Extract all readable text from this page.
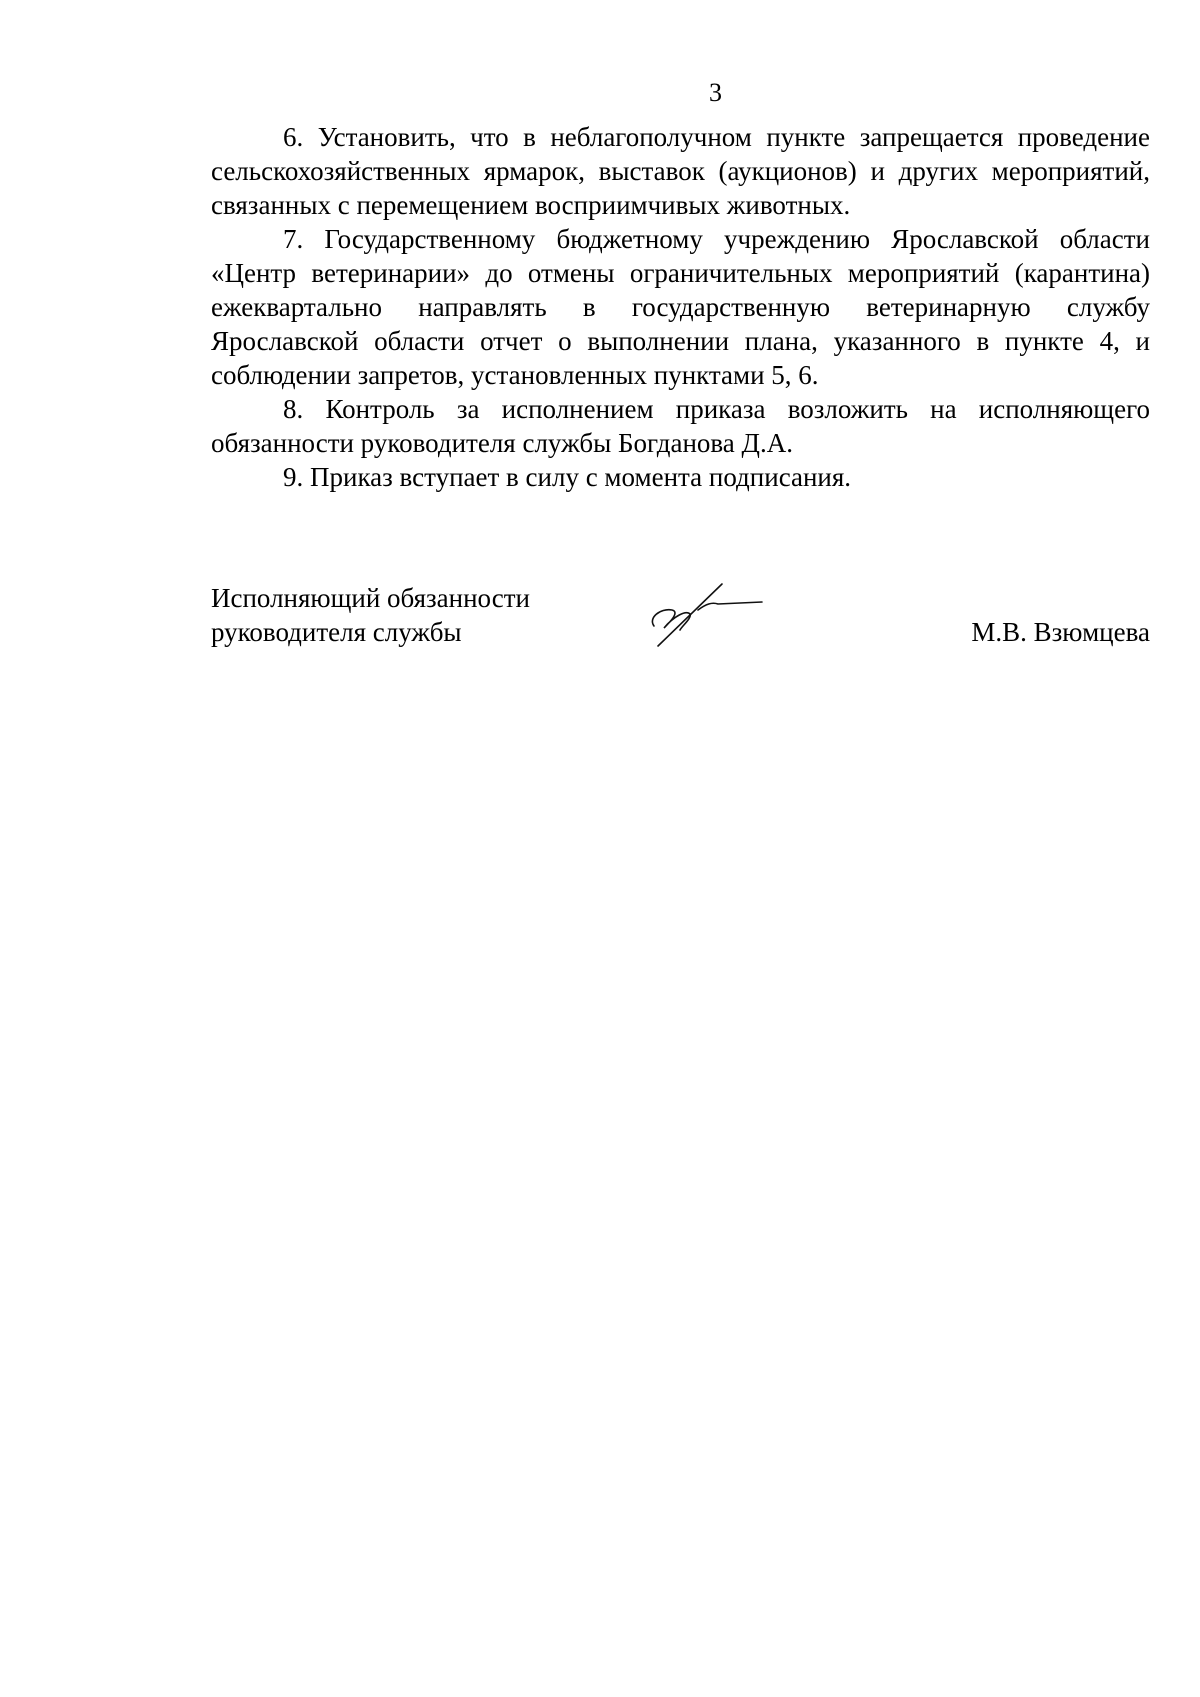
3

6. Установить, что в неблагополучном пункте запрещается проведение сельскохозяйственных ярмарок, выставок (аукционов) и других мероприятий, связанных с перемещением восприимчивых животных.

7. Государственному бюджетному учреждению Ярославской области «Центр ветеринарии» до отмены ограничительных мероприятий (карантина) ежеквартально направлять в государственную ветеринарную службу Ярославской области отчет о выполнении плана, указанного в пункте 4, и соблюдении запретов, установленных пунктами 5, 6.

8. Контроль за исполнением приказа возложить на исполняющего обязанности руководителя службы Богданова Д.А.

9. Приказ вступает в силу с момента подписания.

Исполняющий обязанности
руководителя службы	М.В. Взюмцева
